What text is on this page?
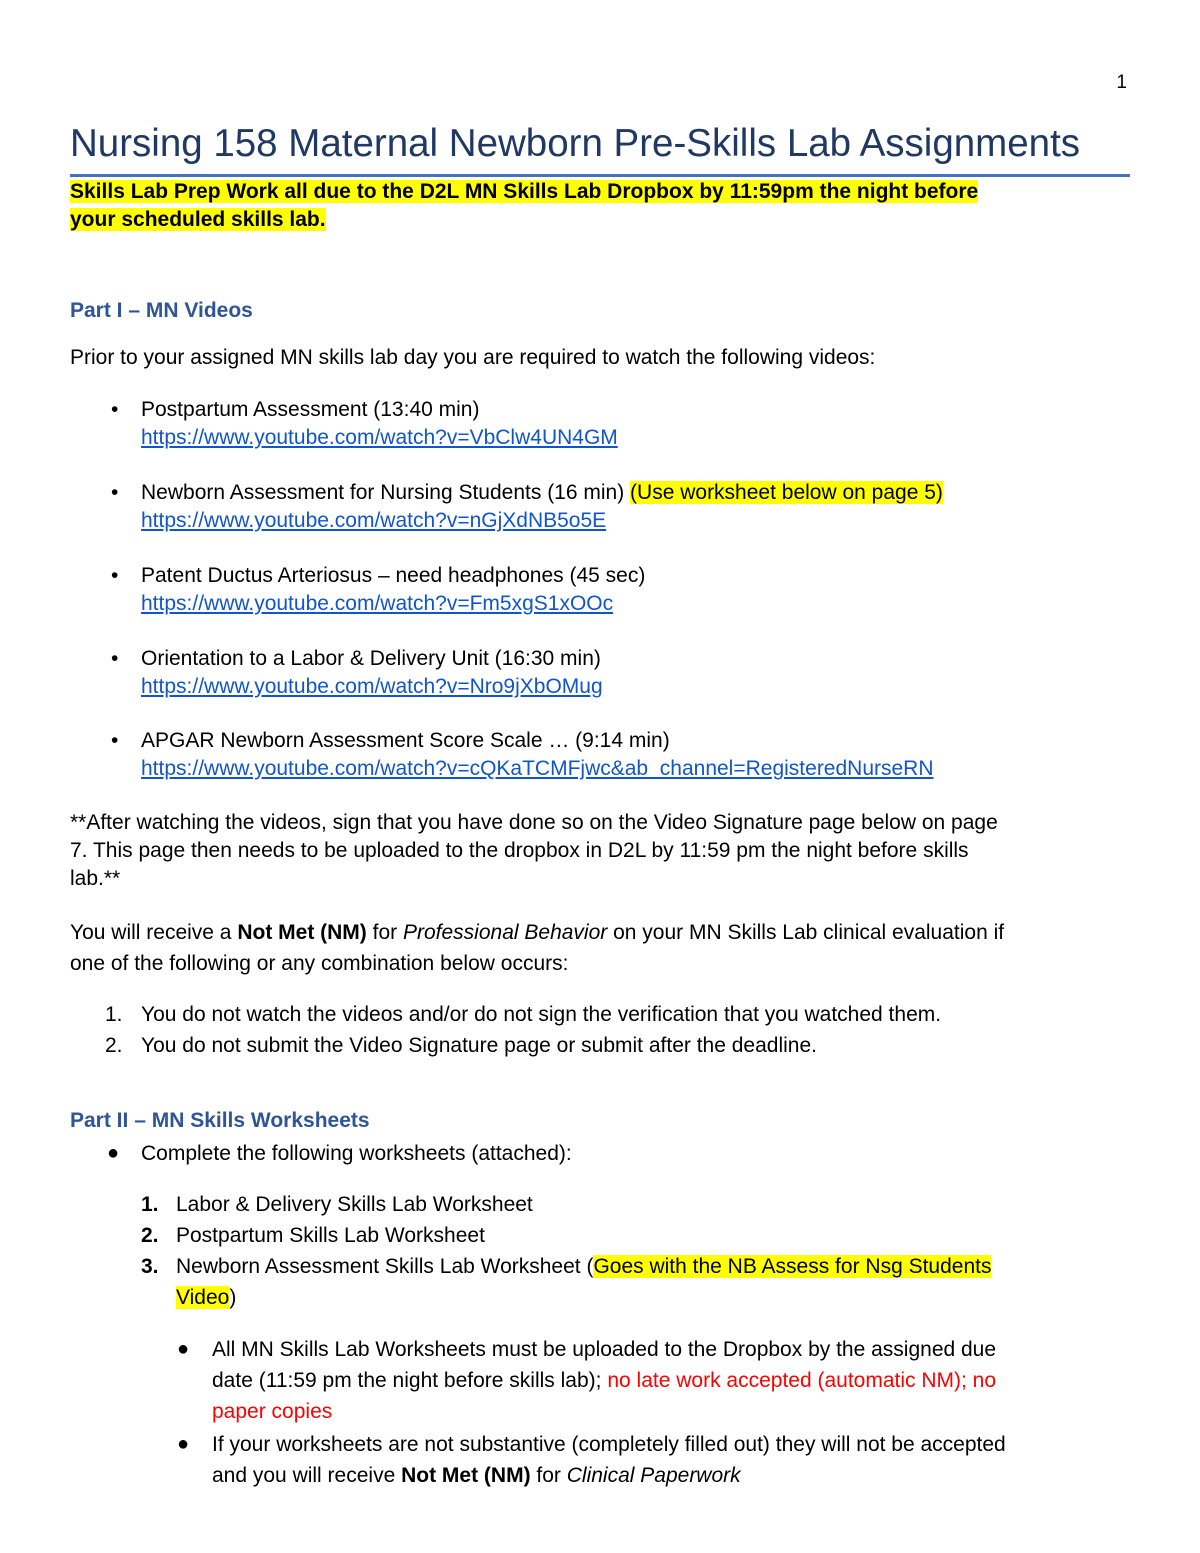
1
Nursing 158 Maternal Newborn Pre-Skills Lab Assignments
Skills Lab Prep Work all due to the D2L MN Skills Lab Dropbox by 11:59pm the night before
your scheduled skills lab.
Part I – MN Videos
Prior to your assigned MN skills lab day you are required to watch the following videos:
• Postpartum Assessment (13:40 min)
https://www.youtube.com/watch?v=VbClw4UN4GM
• Newborn Assessment for Nursing Students (16 min) (Use worksheet below on page 5)
https://www.youtube.com/watch?v=nGjXdNB5o5E
• Patent Ductus Arteriosus – need headphones (45 sec)
https://www.youtube.com/watch?v=Fm5xgS1xOOc
• Orientation to a Labor & Delivery Unit (16:30 min)
https://www.youtube.com/watch?v=Nro9jXbOMug
• APGAR Newborn Assessment Score Scale … (9:14 min)
https://www.youtube.com/watch?v=cQKaTCMFjwc&ab_channel=RegisteredNurseRN
**After watching the videos, sign that you have done so on the Video Signature page below on page
7. This page then needs to be uploaded to the dropbox in D2L by 11:59 pm the night before skills
lab.**
You will receive a Not Met (NM) for Professional Behavior on your MN Skills Lab clinical evaluation if
one of the following or any combination below occurs:
1. You do not watch the videos and/or do not sign the verification that you watched them.
2. You do not submit the Video Signature page or submit after the deadline.
Part II – MN Skills Worksheets
● Complete the following worksheets (attached):
1. Labor & Delivery Skills Lab Worksheet
2. Postpartum Skills Lab Worksheet
3. Newborn Assessment Skills Lab Worksheet (Goes with the NB Assess for Nsg Students
Video)
● All MN Skills Lab Worksheets must be uploaded to the Dropbox by the assigned due
date (11:59 pm the night before skills lab); no late work accepted (automatic NM); no
paper copies
● If your worksheets are not substantive (completely filled out) they will not be accepted
and you will receive Not Met (NM) for Clinical Paperwork
